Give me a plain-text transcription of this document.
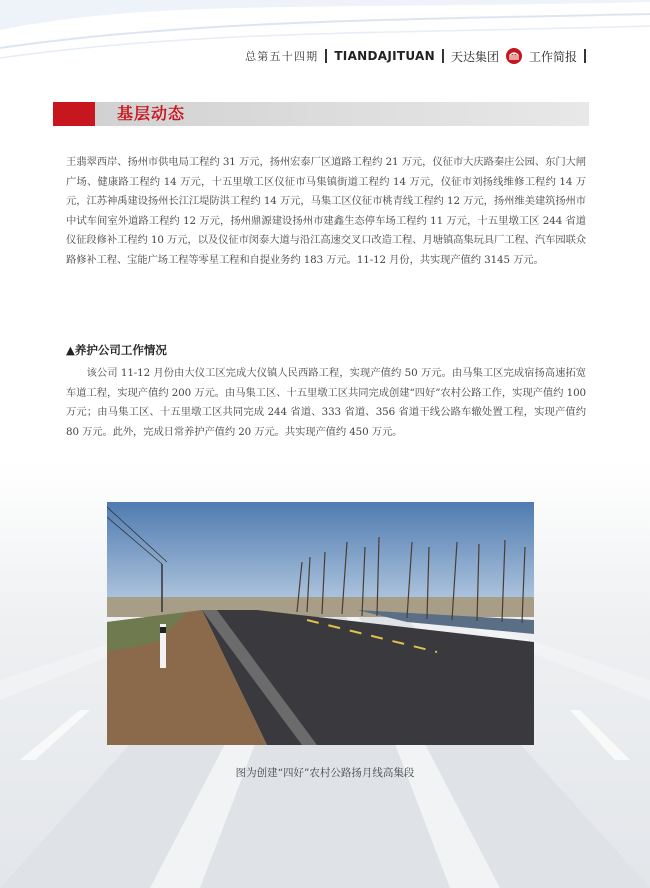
总第五十四期 TIANDAJITUAN 天达集团	工作简报
基层动态

王翡翠西岸、扬州市供电局工程约 31 万元，扬州宏泰厂区道路工程约 21 万元，仪征市大庆路秦庄公园、东门大闸广场、健康路工程约 14 万元，十五里墩工区仪征市马集镇街道工程约 14 万元，仪征市刘扬线维修工程约 14 万元，江苏神禹建设扬州长江江堤防洪工程约 14 万元，马集工区仪征市桃青线工程约 12 万元，扬州维美建筑扬州市中试车间室外道路工程约 12 万元，扬州鼎源建设扬州市建鑫生态停车场工程约 11 万元，十五里墩工区 244 省道仪征段修补工程约 10 万元，以及仪征市闵泰大道与沿江高速交叉口改造工程、月塘镇高集玩具厂工程、汽车园联众路修补工程、宝能广场工程等零星工程和自提业务约 183 万元。11-12 月份，共实现产值约 3145 万元。

▲养护公司工作情况

该公司 11-12 月份由大仪工区完成大仪镇人民西路工程，实现产值约 50 万元。由马集工区完成宿扬高速拓宽车道工程，实现产值约 200 万元。由马集工区、十五里墩工区共同完成创建“四好”农村公路工作，实现产值约 100 万元；由马集工区、十五里墩工区共同完成 244 省道、333 省道、356 省道干线公路车辙处置工程，实现产值约 80 万元。此外，完成日常养护产值约 20 万元。共实现产值约 450 万元。

图为创建“四好”农村公路扬月线高集段
